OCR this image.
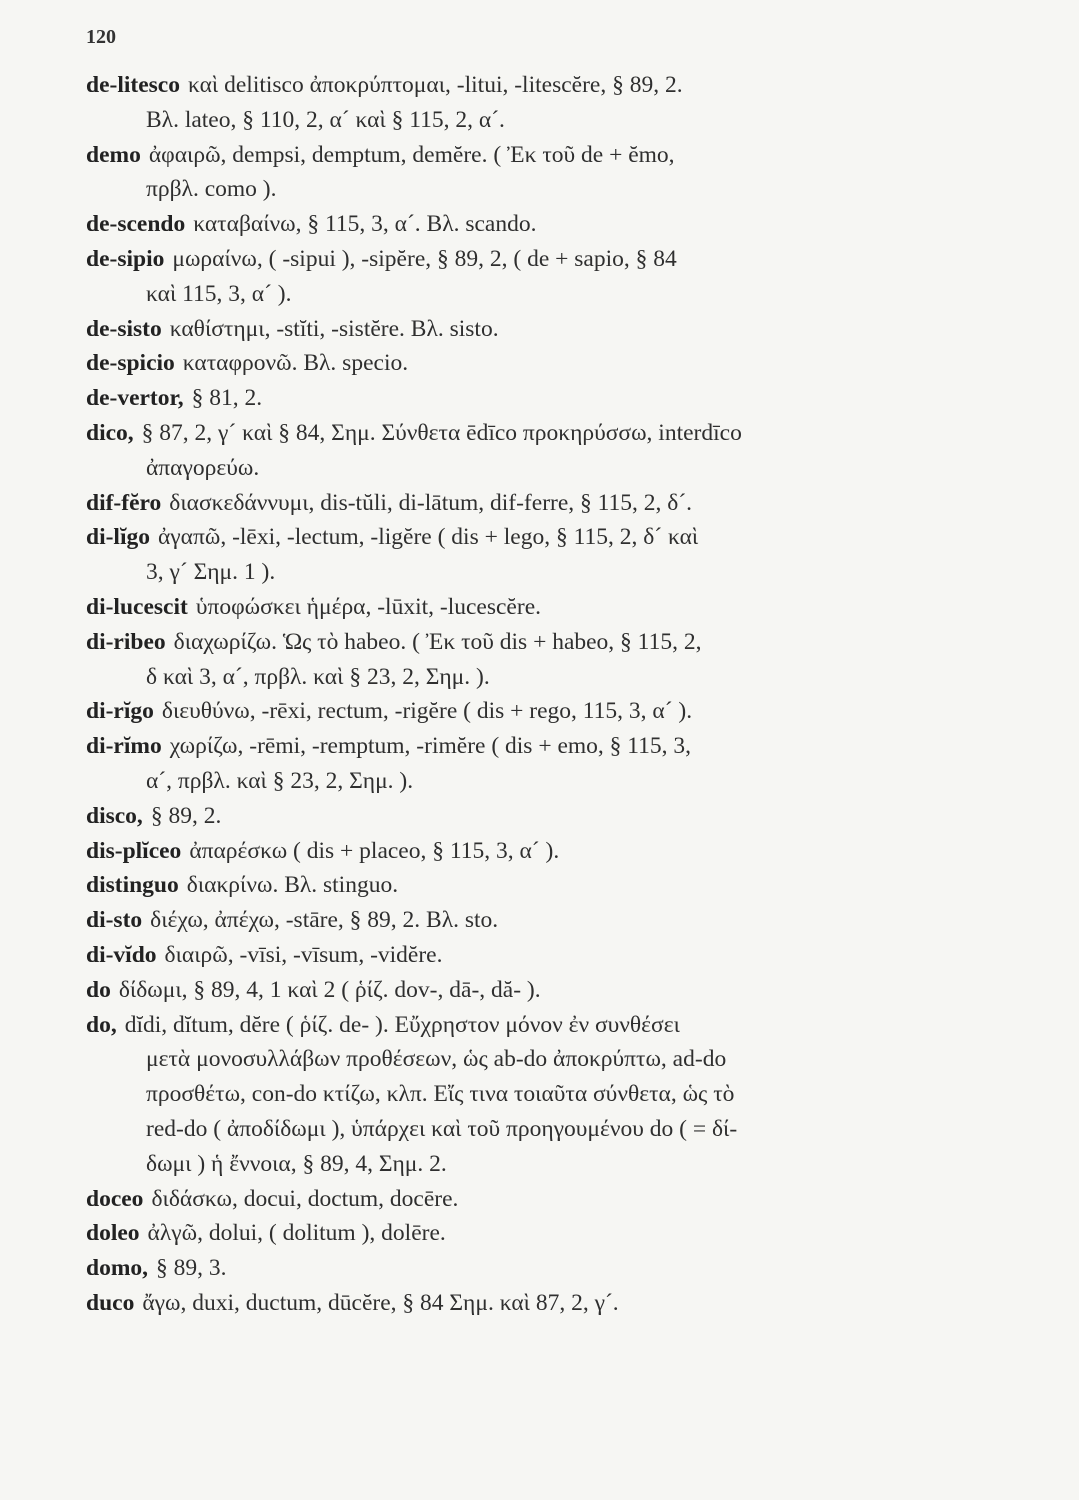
120
de-litesco καὶ delitisco ἀποκρύπτομαι, -litui, -litescĕre, § 89, 2.
Βλ. lateo, § 110, 2, α´ καὶ § 115, 2, α´.
demo ἀφαιρῶ, dempsi, demptum, demĕre. ( Ἐκ τοῦ de + ĕmo,
πρβλ. como ).
de-scendo καταβαίνω, § 115, 3, α´. Βλ. scando.
de-sipio μωραίνω, ( -sipui ), -sipĕre, § 89, 2, ( de + sapio, § 84
καὶ 115, 3, α´ ).
de-sisto καθίστημι, -stĭti, -sistĕre. Βλ. sisto.
de-spicio καταφρονῶ. Βλ. specio.
de-vertor, § 81, 2.
dico, § 87, 2, γ´ καὶ § 84, Σημ. Σύνθετα ēdīco προκηρύσσω, interdīco
ἀπαγορεύω.
dif-fĕro διασκεδάννυμι, dis-tŭli, di-lātum, dif-ferre, § 115, 2, δ´.
di-lĭgo ἀγαπῶ, -lēxi, -lectum, -ligĕre ( dis + lego, § 115, 2, δ´ καὶ
3, γ´ Σημ. 1 ).
di-lucescit ὑποφώσκει ἡμέρα, -lūxit, -lucescĕre.
di-ribeo διαχωρίζω. Ὡς τὸ habeo. ( Ἐκ τοῦ dis + habeo, § 115, 2,
δ καὶ 3, α´, πρβλ. καὶ § 23, 2, Σημ. ).
di-rĭgo διευθύνω, -rēxi, rectum, -rigĕre ( dis + rego, 115, 3, α´ ).
di-rĭmo χωρίζω, -rēmi, -remptum, -rimĕre ( dis + emo, § 115, 3,
α´, πρβλ. καὶ § 23, 2, Σημ. ).
disco, § 89, 2.
dis-plĭceo ἀπαρέσκω ( dis + placeo, § 115, 3, α´ ).
distinguo διακρίνω. Βλ. stinguo.
di-sto διέχω, ἀπέχω, -stāre, § 89, 2. Βλ. sto.
di-vĭdo διαιρῶ, -vīsi, -vīsum, -vidĕre.
do δίδωμι, § 89, 4, 1 καὶ 2 ( ῥίζ. dov-, dā-, dă- ).
do, dĭdi, dĭtum, dĕre ( ῥίζ. de- ). Εὔχρηστον μόνον ἐν συνθέσει
μετὰ μονοσυλλάβων προθέσεων, ὡς ab-do ἀποκρύπτω, ad-do
προσθέτω, con-do κτίζω, κλπ. Εἴς τινα τοιαῦτα σύνθετα, ὡς τὸ
red-do ( ἀποδίδωμι ), ὑπάρχει καὶ τοῦ προηγουμένου do ( = δί-
δωμι ) ἡ ἔννοια, § 89, 4, Σημ. 2.
doceo διδάσκω, docui, doctum, docēre.
doleo ἀλγῶ, dolui, ( dolitum ), dolēre.
domo, § 89, 3.
duco ἄγω, duxi, ductum, dūcĕre, § 84 Σημ. καὶ 87, 2, γ´.
